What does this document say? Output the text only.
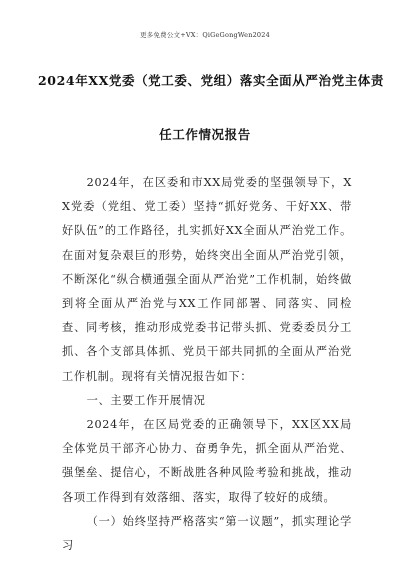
更多免费公文+VX：QiGeGongWen2024
2024年XX党委（党工委、党组）落实全面从严治党主体责
任工作情况报告

2024年，在区委和市XX局党委的坚强领导下，XX党委（党组、党工委）坚持“抓好党务、干好XX、带好队伍”的工作路径，扎实抓好XX全面从严治党工作。在面对复杂艰巨的形势，始终突出全面从严治党引领，不断深化“纵合横通强全面从严治党”工作机制，始终做到将全面从严治党与XX工作同部署、同落实、同检查、同考核，推动形成党委书记带头抓、党委委员分工抓、各个支部具体抓、党员干部共同抓的全面从严治党工作机制。现将有关情况报告如下：

一、主要工作开展情况

2024年，在区局党委的正确领导下，XX区XX局全体党员干部齐心协力、奋勇争先，抓全面从严治党、强堡垒、提信心，不断战胜各种风险考验和挑战，推动各项工作得到有效落细、落实，取得了较好的成绩。

（一）始终坚持严格落实“第一议题”，抓实理论学习
